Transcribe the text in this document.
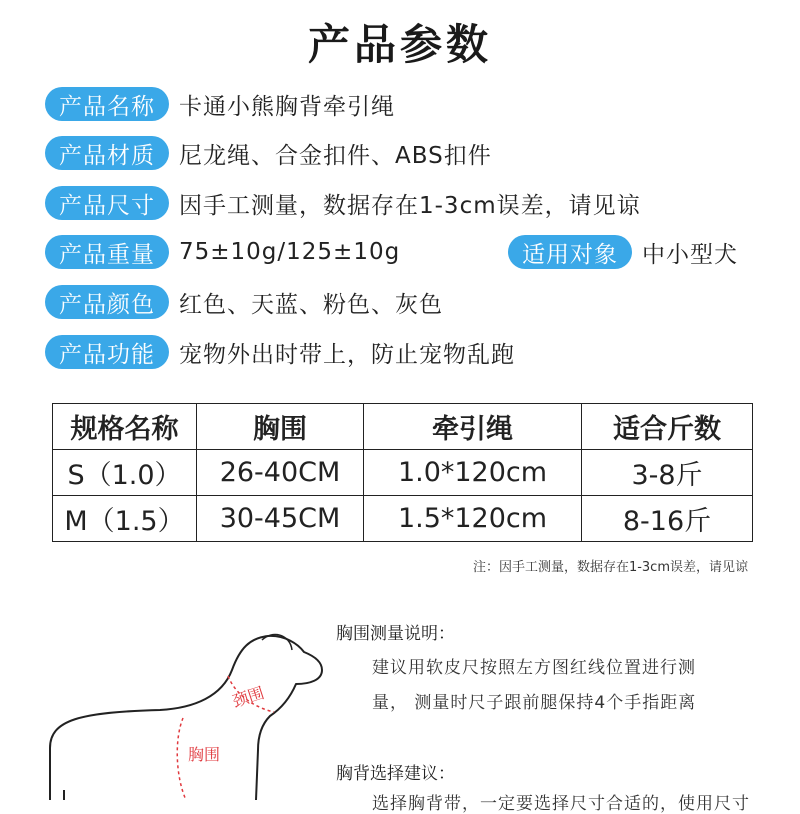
产品参数
产品名称	卡通小熊胸背牵引绳
产品材质	尼龙绳、合金扣件、ABS扣件
产品尺寸	因手工测量，数据存在1-3cm误差，请见谅
产品重量	75±10g/125±10g	适用对象	中小型犬
产品颜色	红色、天蓝、粉色、灰色
产品功能	宠物外出时带上，防止宠物乱跑
规格名称	胸围	牵引绳	适合斤数
S（1.0）	26-40CM	1.0*120cm	3-8斤
M（1.5）	30-45CM	1.5*120cm	8-16斤
注：因手工测量，数据存在1-3cm误差，请见谅
颈围
胸围
胸围测量说明：
建议用软皮尺按照左方图红线位置进行测
量， 测量时尺子跟前腿保持4个手指距离
胸背选择建议：
选择胸背带，一定要选择尺寸合适的，使用尺寸
